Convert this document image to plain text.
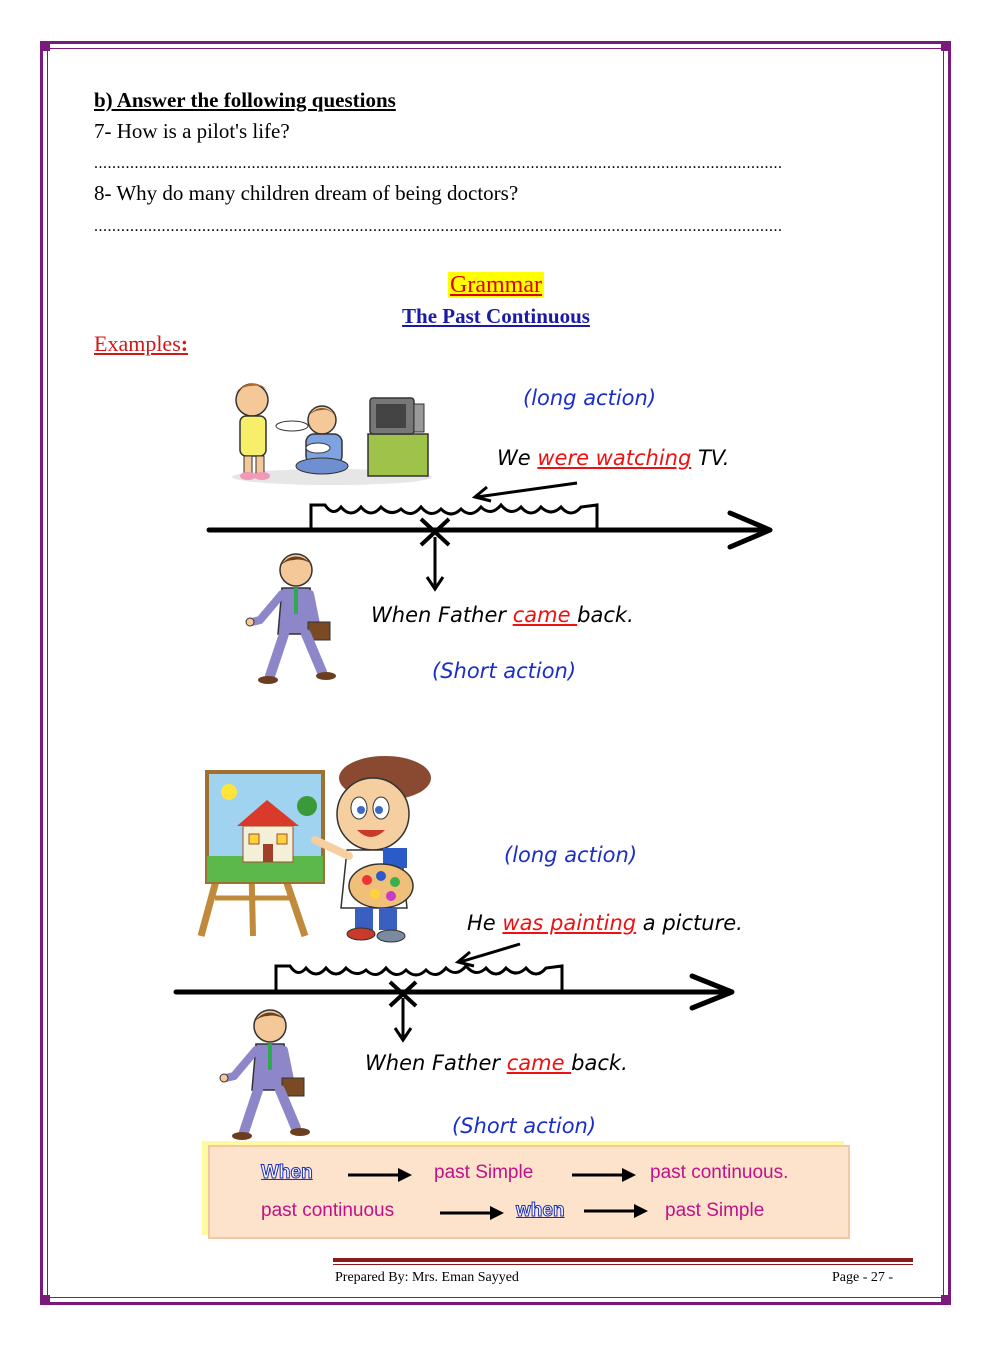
b) Answer the following questions
7- How is a pilot's life?
.........................................................................................................................................................
8- Why do many children dream of being doctors?
.........................................................................................................................................................
Grammar
The Past Continuous
Examples:
(long action)
We were watching TV.
When Father came back.
(Short action)
(long action)
He was painting a picture.
When Father came back.
(Short action)
When	past Simple	past continuous.
past continuous	when	past Simple
Prepared By: Mrs. Eman Sayyed	Page - 27 -
